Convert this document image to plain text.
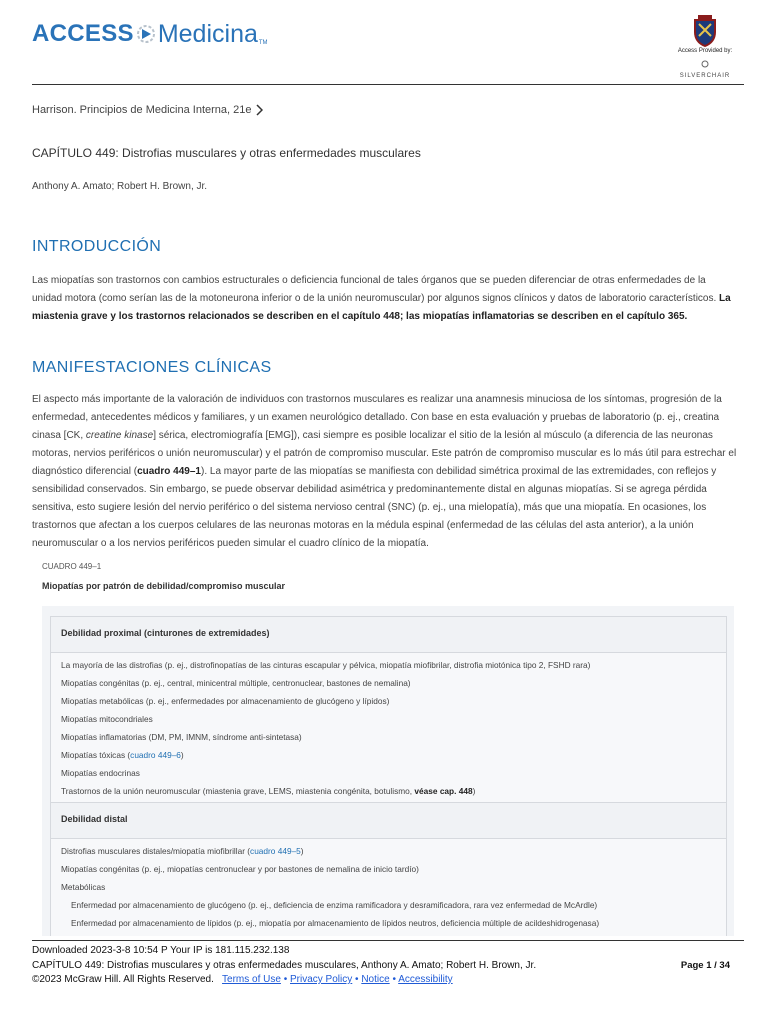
ACCESS Medicina TM
Access Provided by:
SILVERCHAIR
Harrison. Principios de Medicina Interna, 21e
CAPÍTULO 449: Distrofias musculares y otras enfermedades musculares
Anthony A. Amato; Robert H. Brown, Jr.
INTRODUCCIÓN

Las miopatías son trastornos con cambios estructurales o deficiencia funcional de tales órganos que se pueden diferenciar de otras enfermedades de la unidad motora (como serían las de la motoneurona inferior o de la unión neuromuscular) por algunos signos clínicos y datos de laboratorio característicos. La miastenia grave y los trastornos relacionados se describen en el capítulo 448; las miopatías inflamatorias se describen en el capítulo 365.

MANIFESTACIONES CLÍNICAS

El aspecto más importante de la valoración de individuos con trastornos musculares es realizar una anamnesis minuciosa de los síntomas, progresión de la enfermedad, antecedentes médicos y familiares, y un examen neurológico detallado. Con base en esta evaluación y pruebas de laboratorio (p. ej., creatina cinasa [CK, creatine kinase] sérica, electromiografía [EMG]), casi siempre es posible localizar el sitio de la lesión al músculo (a diferencia de las neuronas motoras, nervios periféricos o unión neuromuscular) y el patrón de compromiso muscular. Este patrón de compromiso muscular es lo más útil para estrechar el diagnóstico diferencial (cuadro 449–1). La mayor parte de las miopatías se manifiesta con debilidad simétrica proximal de las extremidades, con reflejos y sensibilidad conservados. Sin embargo, se puede observar debilidad asimétrica y predominantemente distal en algunas miopatías. Si se agrega pérdida sensitiva, esto sugiere lesión del nervio periférico o del sistema nervioso central (SNC) (p. ej., una mielopatía), más que una miopatía. En ocasiones, los trastornos que afectan a los cuerpos celulares de las neuronas motoras en la médula espinal (enfermedad de las células del asta anterior), a la unión neuromuscular o a los nervios periféricos pueden simular el cuadro clínico de la miopatía.

CUADRO 449–1
Miopatías por patrón de debilidad/compromiso muscular
Debilidad proximal (cinturones de extremidades)
La mayoría de las distrofias (p. ej., distrofinopatías de las cinturas escapular y pélvica, miopatía miofibrilar, distrofia miotónica tipo 2, FSHD rara)
Miopatías congénitas (p. ej., central, minicentral múltiple, centronuclear, bastones de nemalina)
Miopatías metabólicas (p. ej., enfermedades por almacenamiento de glucógeno y lípidos)
Miopatías mitocondriales
Miopatías inflamatorias (DM, PM, IMNM, síndrome anti-sintetasa)
Miopatías tóxicas (cuadro 449–6)
Miopatías endocrinas
Trastornos de la unión neuromuscular (miastenia grave, LEMS, miastenia congénita, botulismo, véase cap. 448)
Debilidad distal
Distrofias musculares distales/miopatía miofibrillar (cuadro 449–5)
Miopatías congénitas (p. ej., miopatías centronuclear y por bastones de nemalina de inicio tardío)
Metabólicas
Enfermedad por almacenamiento de glucógeno (p. ej., deficiencia de enzima ramificadora y desramificadora, rara vez enfermedad de McArdle)
Enfermedad por almacenamiento de lípidos (p. ej., miopatía por almacenamiento de lípidos neutros, deficiencia múltiple de acildeshidrogenasa)
Downloaded 2023-3-8 10:54 P Your IP is 181.115.232.138
CAPÍTULO 449: Distrofias musculares y otras enfermedades musculares, Anthony A. Amato; Robert H. Brown, Jr.
©2023 McGraw Hill. All Rights Reserved. Terms of Use • Privacy Policy • Notice • Accessibility
Page 1 / 34
